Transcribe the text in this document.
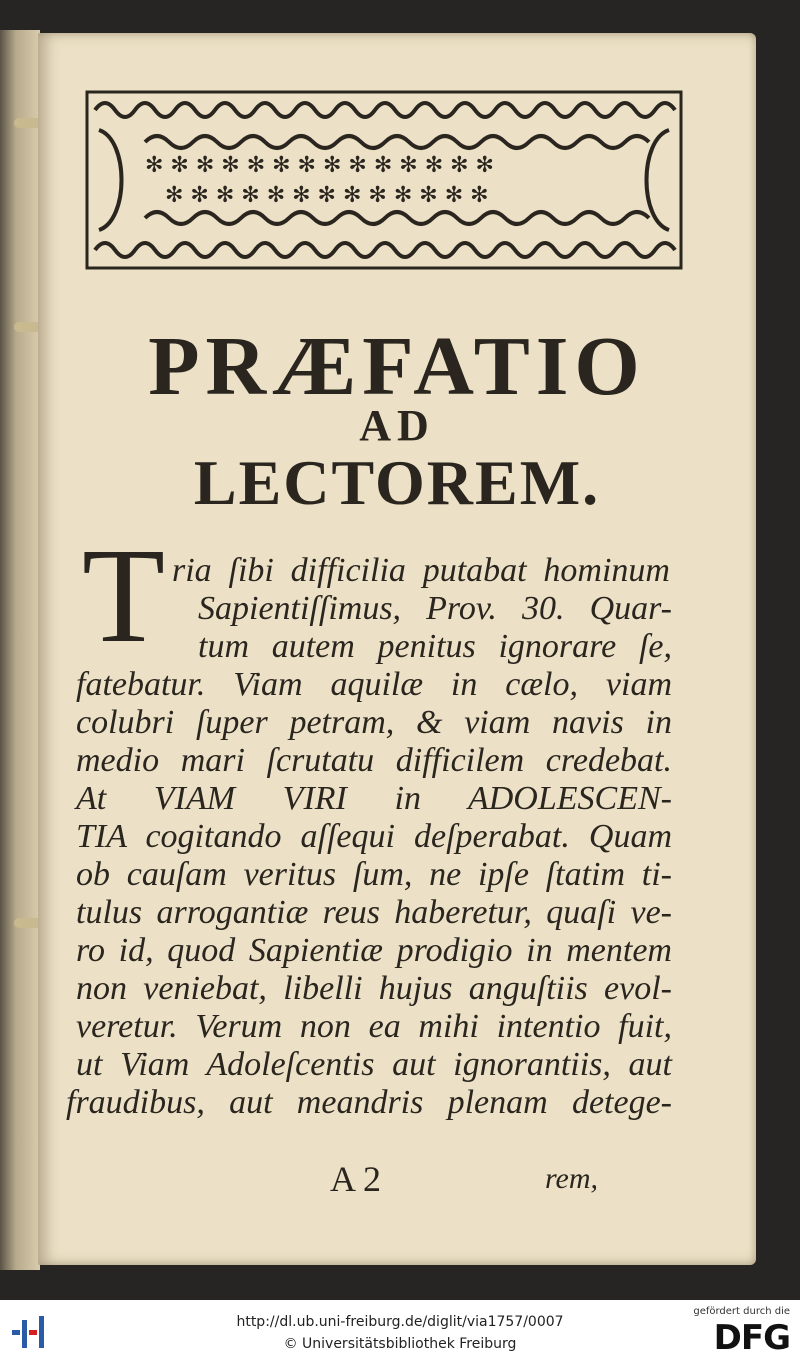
✻ ✻ ✻ ✻ ✻ ✻ ✻ ✻ ✻ ✻ ✻ ✻ ✻ ✻
✻ ✻ ✻ ✻ ✻ ✻ ✻ ✻ ✻ ✻ ✻ ✻ ✻
PRÆFATIO
AD
LECTOREM.
T ria ſibi difficilia putabat hominum

Sapientiſſimus, Prov. 30. Quar-

tum autem penitus ignorare ſe,

fatebatur. Viam aquilæ in cælo, viam

colubri ſuper petram, & viam navis in

medio mari ſcrutatu difficilem credebat.

At VIAM VIRI in ADOLESCEN-

TIA cogitando aſſequi deſperabat. Quam

ob cauſam veritus ſum, ne ipſe ſtatim ti-

tulus arrogantiæ reus haberetur, quaſi ve-

ro id, quod Sapientiæ prodigio in mentem

non veniebat, libelli hujus anguſtiis evol-

veretur. Verum non ea mihi intentio fuit,

ut Viam Adoleſcentis aut ignorantiis, aut

fraudibus, aut meandris plenam detege-

A 2	rem,
http://dl.ub.uni-freiburg.de/diglit/via1757/0007
© Universitätsbibliothek Freiburg
gefördert durch die
DFG
